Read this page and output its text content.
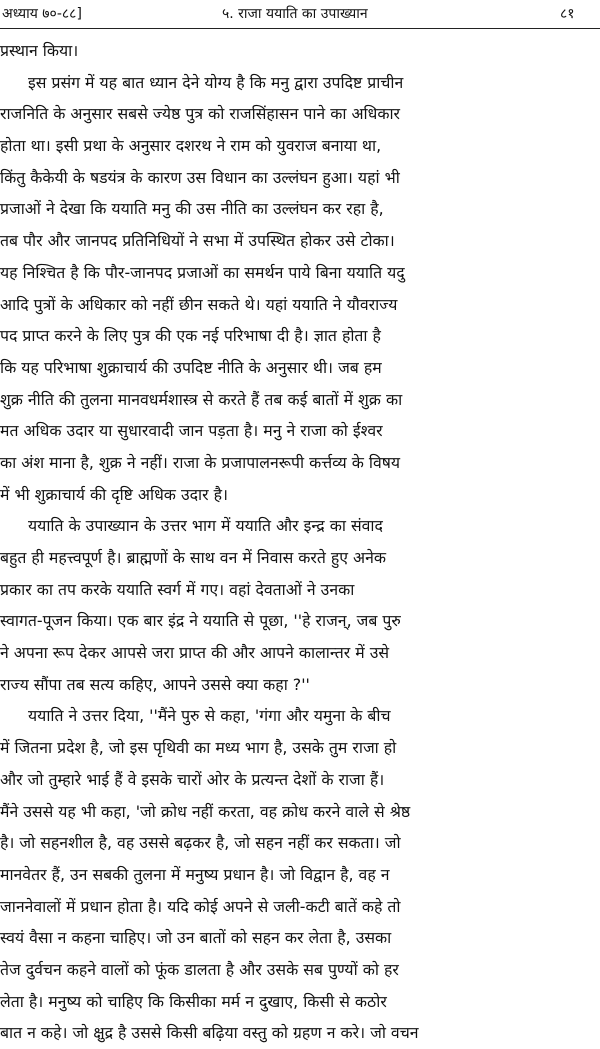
अध्याय ७०-८८]	५. राजा ययाति का उपाख्यान	८१
प्रस्थान किया।
इस प्रसंग में यह बात ध्यान देने योग्य है कि मनु द्वारा उपदिष्ट प्राचीन
राजनिति के अनुसार सबसे ज्येष्ठ पुत्र को राजसिंहासन पाने का अधिकार
होता था। इसी प्रथा के अनुसार दशरथ ने राम को युवराज बनाया था,
किंतु कैकेयी के षडयंत्र के कारण उस विधान का उल्लंघन हुआ। यहां भी
प्रजाओं ने देखा कि ययाति मनु की उस नीति का उल्लंघन कर रहा है,
तब पौर और जानपद प्रतिनिधियों ने सभा में उपस्थित होकर उसे टोका।
यह निश्चित है कि पौर-जानपद प्रजाओं का समर्थन पाये बिना ययाति यदु
आदि पुत्रों के अधिकार को नहीं छीन सकते थे। यहां ययाति ने यौवराज्य
पद प्राप्त करने के लिए पुत्र की एक नई परिभाषा दी है। ज्ञात होता है
कि यह परिभाषा शुक्राचार्य की उपदिष्ट नीति के अनुसार थी। जब हम
शुक्र नीति की तुलना मानवधर्मशास्त्र से करते हैं तब कई बातों में शुक्र का
मत अधिक उदार या सुधारवादी जान पड़ता है। मनु ने राजा को ईश्वर
का अंश माना है, शुक्र ने नहीं। राजा के प्रजापालनरूपी कर्त्तव्य के विषय
में भी शुक्राचार्य की दृष्टि अधिक उदार है।
ययाति के उपाख्यान के उत्तर भाग में ययाति और इन्द्र का संवाद
बहुत ही महत्त्वपूर्ण है। ब्राह्मणों के साथ वन में निवास करते हुए अनेक
प्रकार का तप करके ययाति स्वर्ग में गए। वहां देवताओं ने उनका
स्वागत-पूजन किया। एक बार इंद्र ने ययाति से पूछा, ''हे राजन्, जब पुरु
ने अपना रूप देकर आपसे जरा प्राप्त की और आपने कालान्तर में उसे
राज्य सौंपा तब सत्य कहिए, आपने उससे क्या कहा ?''
ययाति ने उत्तर दिया, ''मैंने पुरु से कहा, 'गंगा और यमुना के बीच
में जितना प्रदेश है, जो इस पृथिवी का मध्य भाग है, उसके तुम राजा हो
और जो तुम्हारे भाई हैं वे इसके चारों ओर के प्रत्यन्त देशों के राजा हैं।
मैंने उससे यह भी कहा, 'जो क्रोध नहीं करता, वह क्रोध करने वाले से श्रेष्ठ
है। जो सहनशील है, वह उससे बढ़कर है, जो सहन नहीं कर सकता। जो
मानवेतर हैं, उन सबकी तुलना में मनुष्य प्रधान है। जो विद्वान है, वह न
जाननेवालों में प्रधान होता है। यदि कोई अपने से जली-कटी बातें कहे तो
स्वयं वैसा न कहना चाहिए। जो उन बातों को सहन कर लेता है, उसका
तेज दुर्वचन कहने वालों को फूंक डालता है और उसके सब पुण्यों को हर
लेता है। मनुष्य को चाहिए कि किसीका मर्म न दुखाए, किसी से कठोर
बात न कहे। जो क्षुद्र है उससे किसी बढ़िया वस्तु को ग्रहण न करे। जो वचन
